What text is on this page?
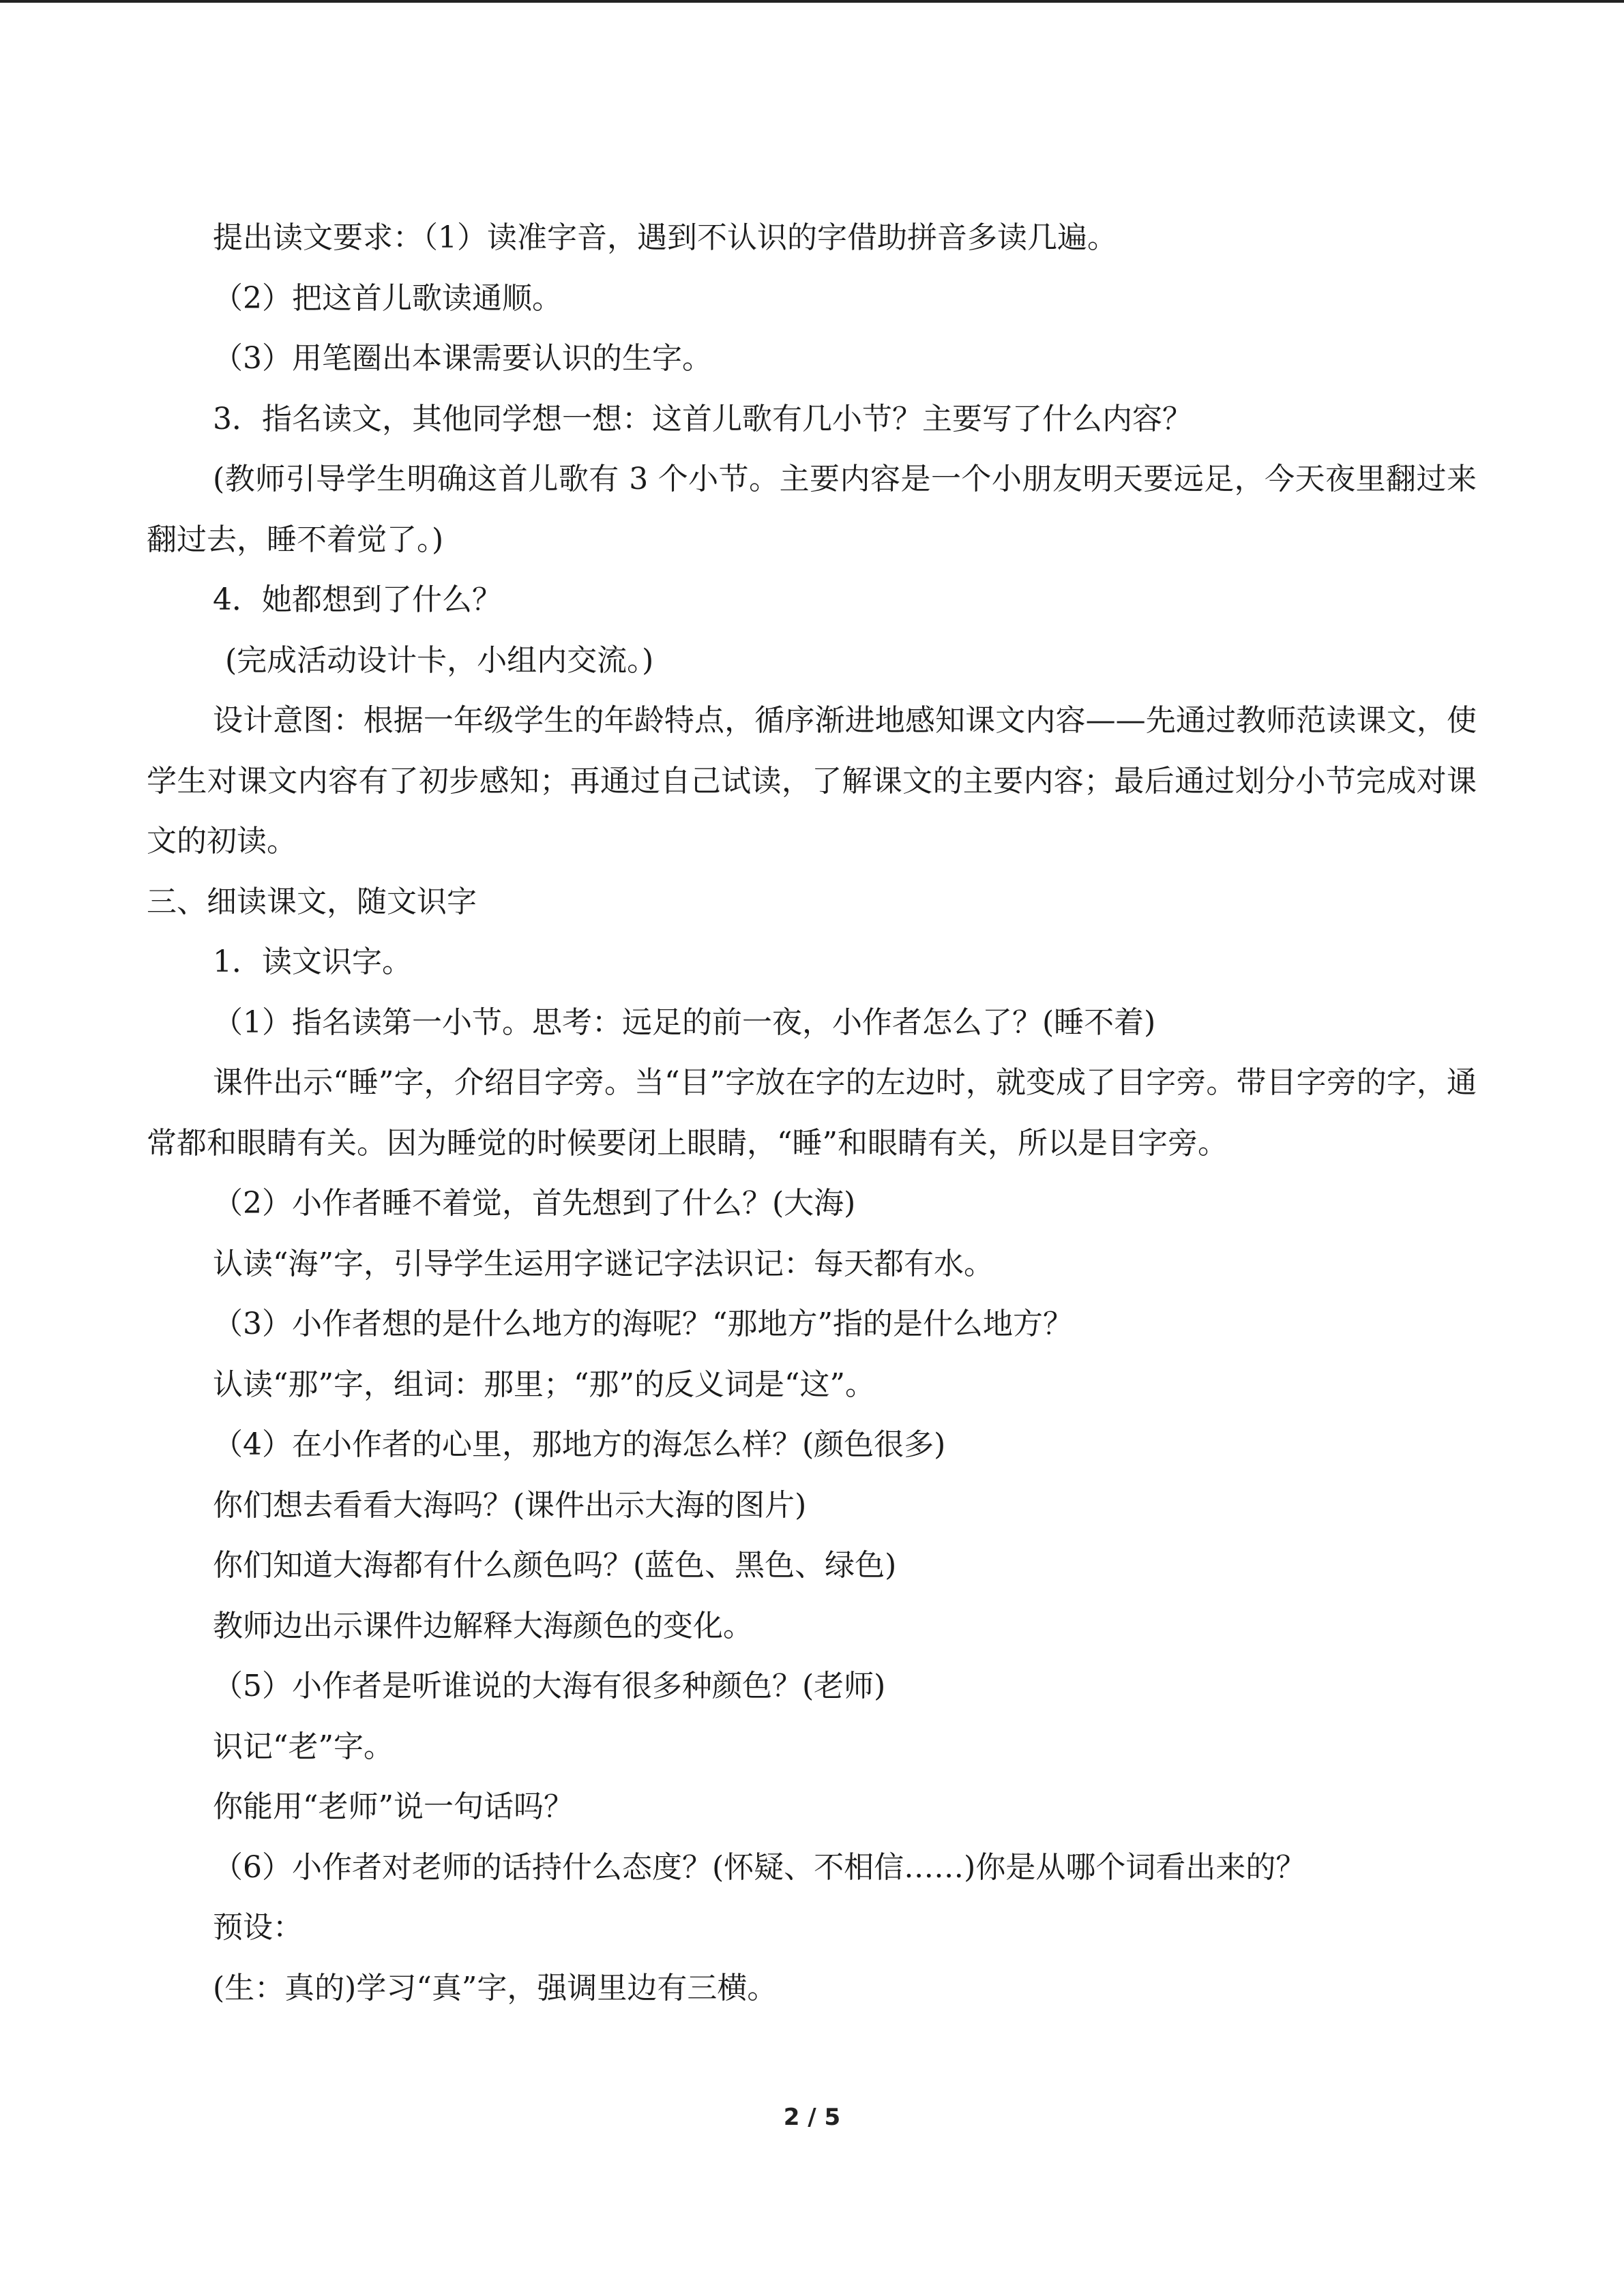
提出读文要求：（1）读准字音，遇到不认识的字借助拼音多读几遍。

（2）把这首儿歌读通顺。

（3）用笔圈出本课需要认识的生字。

3．指名读文，其他同学想一想：这首儿歌有几小节？主要写了什么内容？

(教师引导学生明确这首儿歌有 3 个小节。主要内容是一个小朋友明天要远足，今天夜里翻过来翻过去，睡不着觉了。)

4．她都想到了什么？

(完成活动设计卡，小组内交流。)

设计意图：根据一年级学生的年龄特点，循序渐进地感知课文内容——先通过教师范读课文，使学生对课文内容有了初步感知；再通过自己试读，了解课文的主要内容；最后通过划分小节完成对课文的初读。

三、细读课文，随文识字

1．读文识字。

（1）指名读第一小节。思考：远足的前一夜，小作者怎么了？(睡不着)

课件出示“睡”字，介绍目字旁。当“目”字放在字的左边时，就变成了目字旁。带目字旁的字，通常都和眼睛有关。因为睡觉的时候要闭上眼睛，“睡”和眼睛有关，所以是目字旁。

（2）小作者睡不着觉，首先想到了什么？(大海)

认读“海”字，引导学生运用字谜记字法识记：每天都有水。

（3）小作者想的是什么地方的海呢？“那地方”指的是什么地方？

认读“那”字，组词：那里；“那”的反义词是“这”。

（4）在小作者的心里，那地方的海怎么样？(颜色很多)

你们想去看看大海吗？(课件出示大海的图片)

你们知道大海都有什么颜色吗？(蓝色、黑色、绿色)

教师边出示课件边解释大海颜色的变化。

（5）小作者是听谁说的大海有很多种颜色？(老师)

识记“老”字。

你能用“老师”说一句话吗？

（6）小作者对老师的话持什么态度？(怀疑、不相信……)你是从哪个词看出来的？

预设：

(生：真的)学习“真”字，强调里边有三横。

2 / 5
